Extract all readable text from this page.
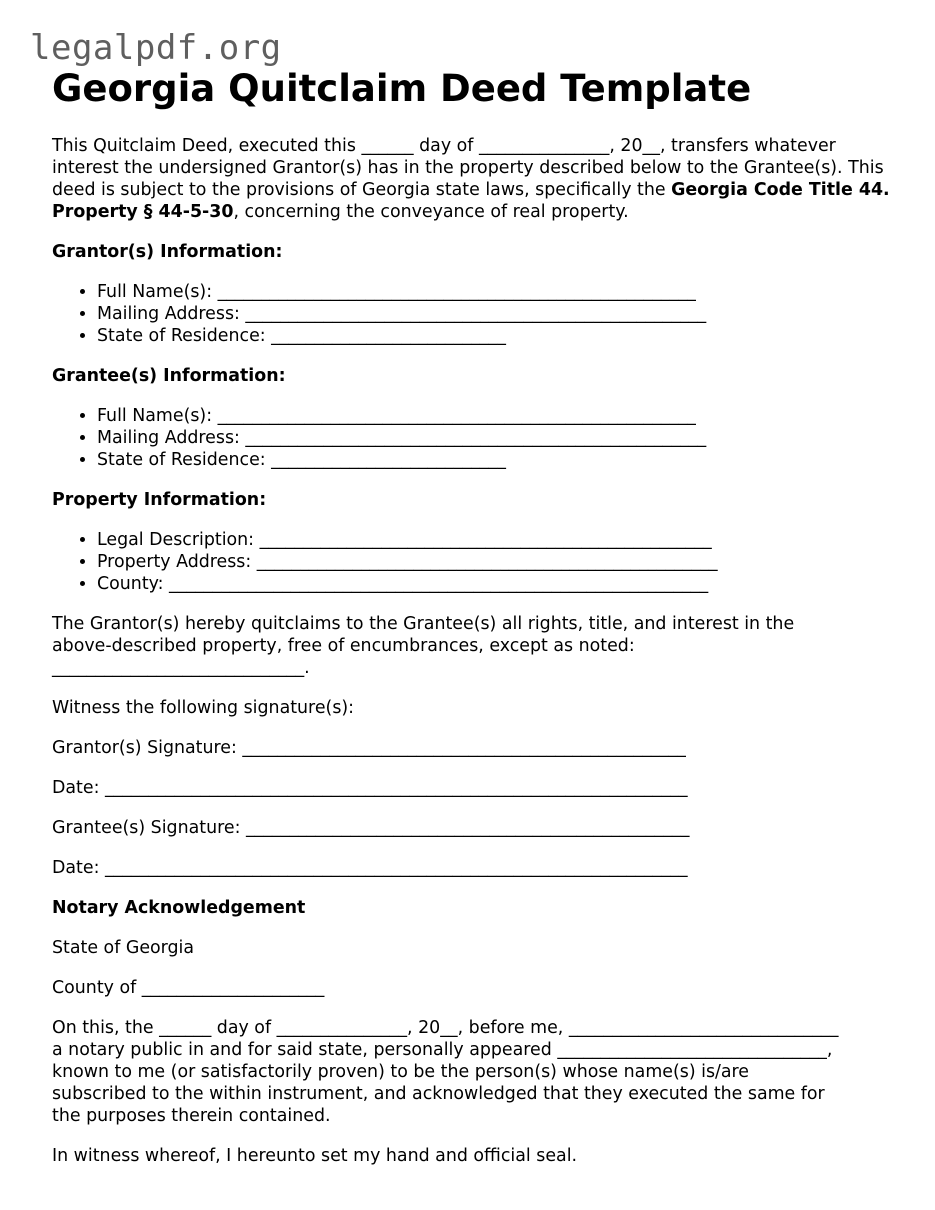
legalpdf.org
Georgia Quitclaim Deed Template

This Quitclaim Deed, executed this ______ day of _______________, 20__, transfers whatever interest the undersigned Grantor(s) has in the property described below to the Grantee(s). This deed is subject to the provisions of Georgia state laws, specifically the Georgia Code Title 44. Property § 44-5-30, concerning the conveyance of real property.

Grantor(s) Information:

• Full Name(s): _______________________________________________________
• Mailing Address: _____________________________________________________
• State of Residence: ___________________________

Grantee(s) Information:

• Full Name(s): _______________________________________________________
• Mailing Address: _____________________________________________________
• State of Residence: ___________________________

Property Information:

• Legal Description: ____________________________________________________
• Property Address: _____________________________________________________
• County: ______________________________________________________________
The Grantor(s) hereby quitclaims to the Grantee(s) all rights, title, and interest in the
above-described property, free of encumbrances, except as noted:
_____________________________.

Witness the following signature(s):

Grantor(s) Signature: ___________________________________________________

Date: ___________________________________________________________________

Grantee(s) Signature: ___________________________________________________

Date: ___________________________________________________________________

Notary Acknowledgement

State of Georgia

County of _____________________

On this, the ______ day of _______________, 20__, before me, _______________________________
a notary public in and for said state, personally appeared _______________________________,
known to me (or satisfactorily proven) to be the person(s) whose name(s) is/are
subscribed to the within instrument, and acknowledged that they executed the same for
the purposes therein contained.

In witness whereof, I hereunto set my hand and official seal.
